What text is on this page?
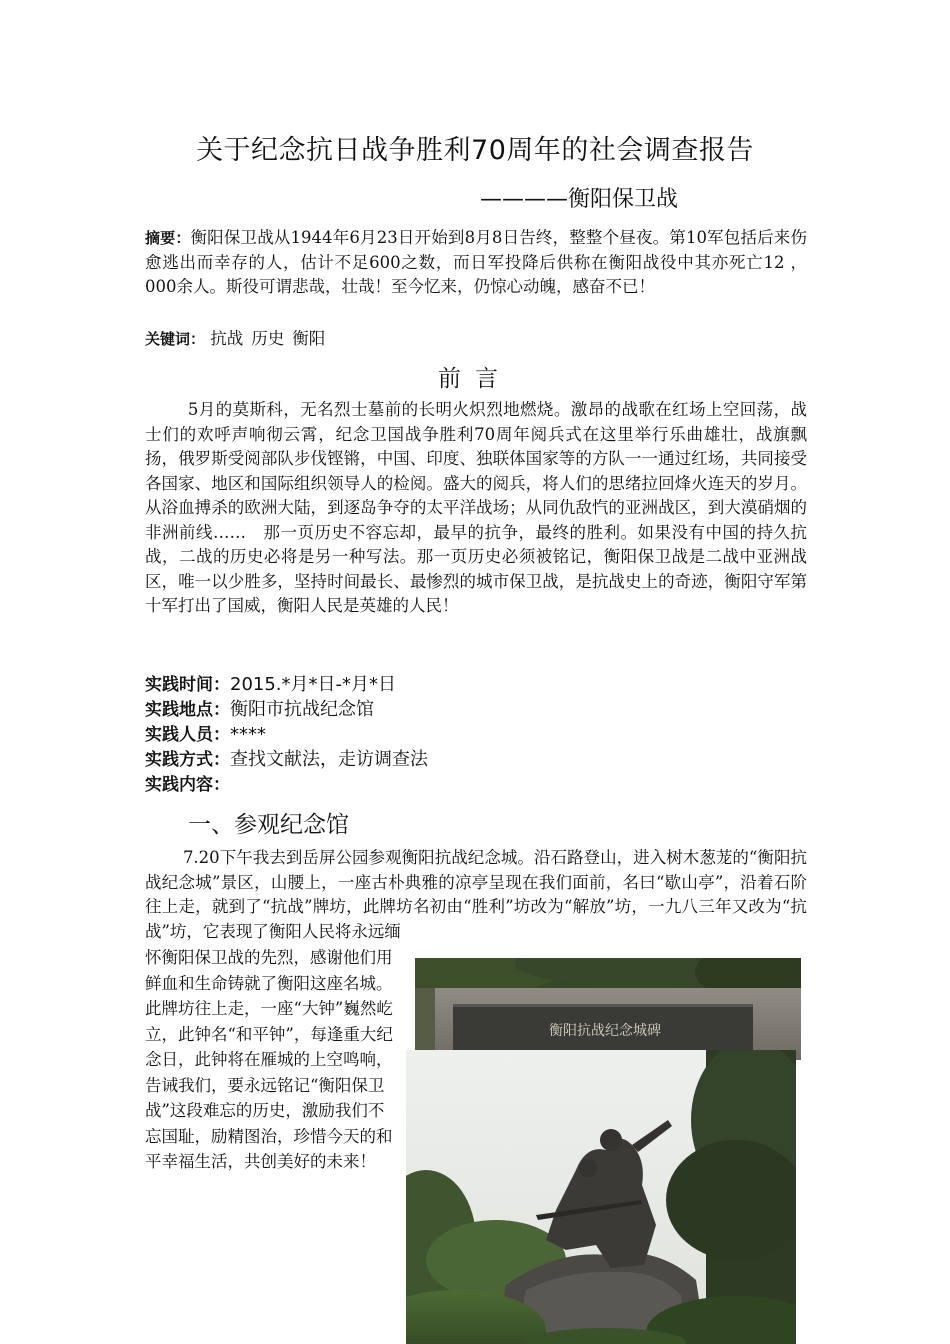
关于纪念抗日战争胜利70周年的社会调查报告
————衡阳保卫战

摘要：衡阳保卫战从1944年6月23日开始到8月8日告终，整整个昼夜。第10军包括后来伤愈逃出而幸存的人，估计不足600之数，而日军投降后供称在衡阳战役中其亦死亡12 ， 000余人。斯役可谓悲哉，壮哉！至今忆来，仍惊心动魄，感奋不已！

关键词： 抗战 历史 衡阳
前言

5月的莫斯科，无名烈士墓前的长明火炽烈地燃烧。激昂的战歌在红场上空回荡，战士们的欢呼声响彻云霄，纪念卫国战争胜利70周年阅兵式在这里举行乐曲雄壮，战旗飘扬，俄罗斯受阅部队步伐铿锵，中国、印度、独联体国家等的方队一一通过红场，共同接受各国家、地区和国际组织领导人的检阅。盛大的阅兵，将人们的思绪拉回烽火连天的岁月。从浴血搏杀的欧洲大陆，到逐岛争夺的太平洋战场；从同仇敌忾的亚洲战区，到大漠硝烟的非洲前线……　那一页历史不容忘却，最早的抗争，最终的胜利。如果没有中国的持久抗战，二战的历史必将是另一种写法。那一页历史必须被铭记，衡阳保卫战是二战中亚洲战区，唯一以少胜多，坚持时间最长、最惨烈的城市保卫战，是抗战史上的奇迹，衡阳守军第十军打出了国威，衡阳人民是英雄的人民！

实践时间：2015.*月*日-*月*日
实践地点：衡阳市抗战纪念馆
实践人员：****
实践方式：查找文献法，走访调查法
实践内容：
一、参观纪念馆

7.20下午我去到岳屏公园参观衡阳抗战纪念城。沿石路登山，进入树木葱茏的“衡阳抗战纪念城”景区，山腰上，一座古朴典雅的凉亭呈现在我们面前，名曰“歇山亭”，沿着石阶往上走，就到了“抗战”牌坊，此牌坊名初由“胜利”坊改为“解放”坊，一九八三年又改为“抗战”坊，它表现了衡阳人民将永远缅

怀衡阳保卫战的先烈，感谢他们用鲜血和生命铸就了衡阳这座名城。此牌坊往上走，一座“大钟”巍然屹立，此钟名“和平钟”，每逢重大纪念日，此钟将在雁城的上空鸣响，告诫我们，要永远铭记“衡阳保卫战”这段难忘的历史，激励我们不忘国耻，励精图治，珍惜今天的和平幸福生活，共创美好的未来！

衡阳抗战纪念城碑
